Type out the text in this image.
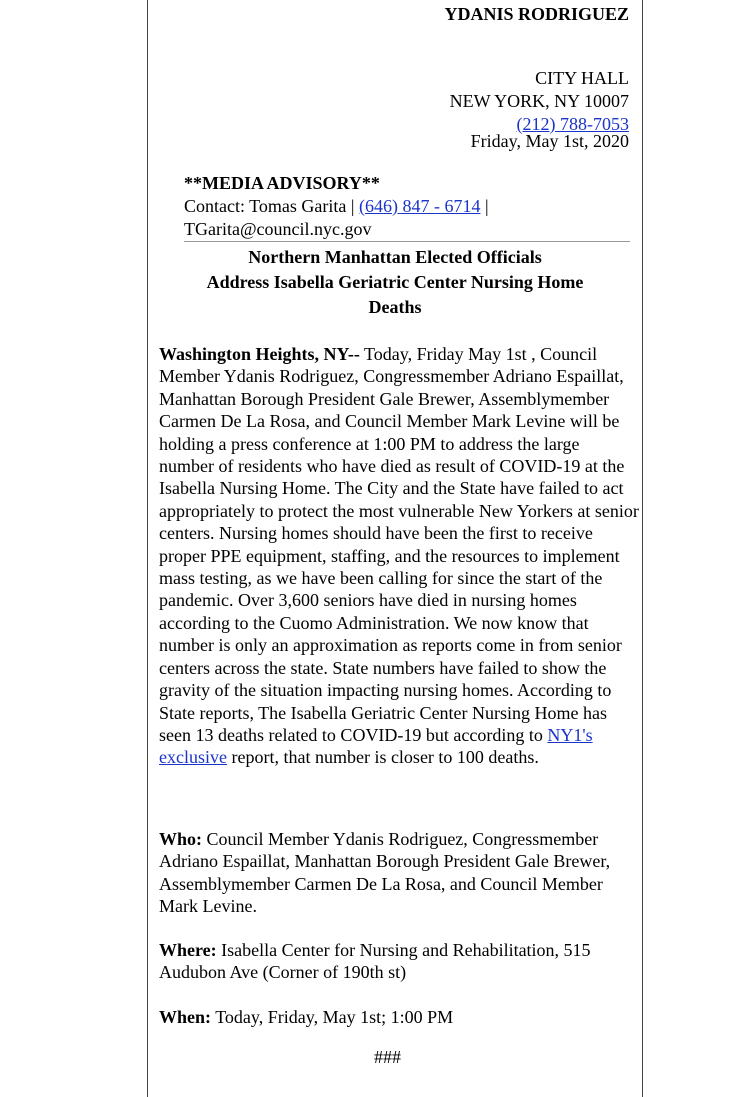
YDANIS RODRIGUEZ
CITY HALL
NEW YORK, NY 10007
(212) 788-7053
Friday, May 1st, 2020
**MEDIA ADVISORY**
Contact: Tomas Garita | (646) 847 - 6714 |
TGarita@council.nyc.gov
Northern Manhattan Elected Officials
Address Isabella Geriatric Center Nursing Home
Deaths
Washington Heights, NY-- Today, Friday May 1st , Council Member Ydanis Rodriguez, Congressmember Adriano Espaillat, Manhattan Borough President Gale Brewer, Assemblymember Carmen De La Rosa, and Council Member Mark Levine will be holding a press conference at 1:00 PM to address the large number of residents who have died as result of COVID-19 at the Isabella Nursing Home. The City and the State have failed to act appropriately to protect the most vulnerable New Yorkers at senior centers. Nursing homes should have been the first to receive proper PPE equipment, staffing, and the resources to implement mass testing, as we have been calling for since the start of the pandemic. Over 3,600 seniors have died in nursing homes according to the Cuomo Administration. We now know that number is only an approximation as reports come in from senior centers across the state. State numbers have failed to show the gravity of the situation impacting nursing homes. According to State reports, The Isabella Geriatric Center Nursing Home has seen 13 deaths related to COVID-19 but according to NY1's exclusive report, that number is closer to 100 deaths.
Who: Council Member Ydanis Rodriguez, Congressmember Adriano Espaillat, Manhattan Borough President Gale Brewer, Assemblymember Carmen De La Rosa, and Council Member Mark Levine.
Where: Isabella Center for Nursing and Rehabilitation, 515 Audubon Ave (Corner of 190th st)
When: Today, Friday, May 1st; 1:00 PM
###
